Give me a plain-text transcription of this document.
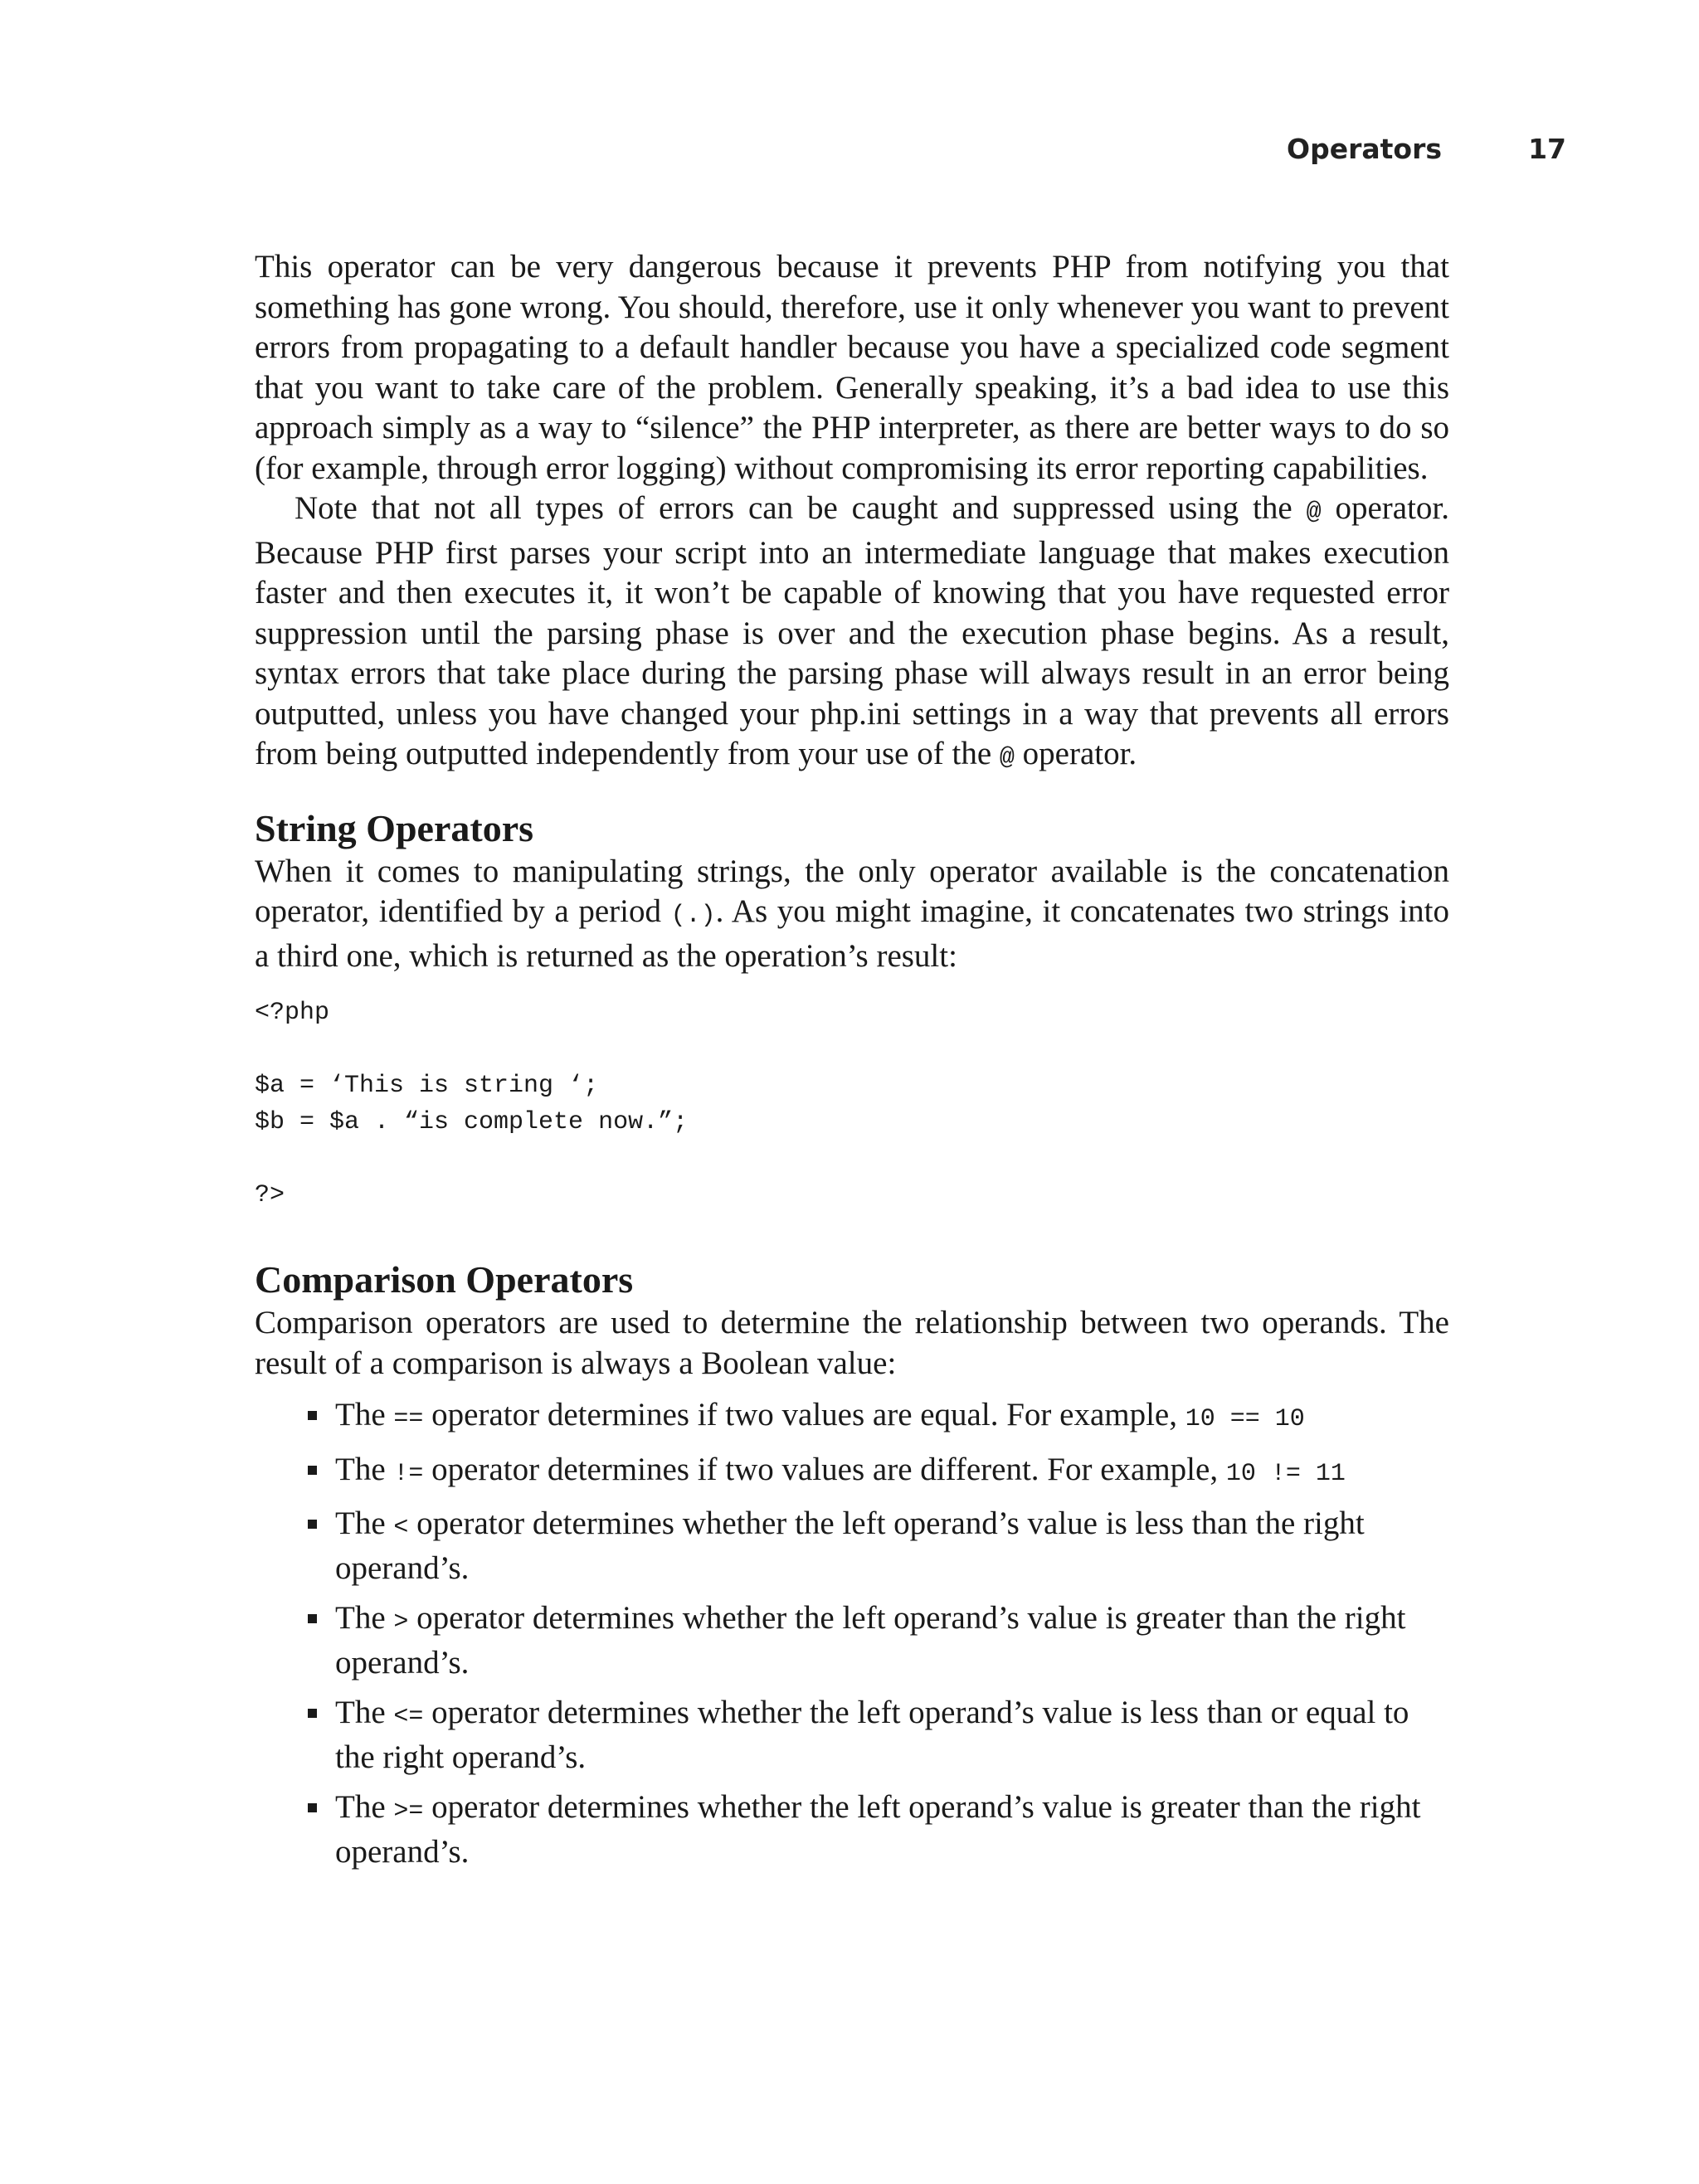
Operators	17

This operator can be very dangerous because it prevents PHP from notifying you that something has gone wrong. You should, therefore, use it only whenever you want to prevent errors from propagating to a default handler because you have a specialized code segment that you want to take care of the problem. Generally speaking, it’s a bad idea to use this approach simply as a way to “silence” the PHP interpreter, as there are better ways to do so (for example, through error logging) without compromising its error reporting capabilities.

Note that not all types of errors can be caught and suppressed using the @ operator. Because PHP first parses your script into an intermediate language that makes execution faster and then executes it, it won’t be capable of knowing that you have requested error suppression until the parsing phase is over and the execution phase begins. As a result, syntax errors that take place during the parsing phase will always result in an error being outputted, unless you have changed your php.ini settings in a way that prevents all errors from being outputted independently from your use of the @ operator.

String Operators

When it comes to manipulating strings, the only operator available is the concatenation operator, identified by a period (.). As you might imagine, it concatenates two strings into a third one, which is returned as the operation’s result:

<?php

$a = ‘This is string ‘;
$b = $a . “is complete now.”;

?>
Comparison Operators

Comparison operators are used to determine the relationship between two operands. The result of a comparison is always a Boolean value:

The == operator determines if two values are equal. For example, 10 == 10
The != operator determines if two values are different. For example, 10 != 11
The < operator determines whether the left operand’s value is less than the right operand’s.
The > operator determines whether the left operand’s value is greater than the right operand’s.
The <= operator determines whether the left operand’s value is less than or equal to the right operand’s.
The >= operator determines whether the left operand’s value is greater than the right operand’s.
